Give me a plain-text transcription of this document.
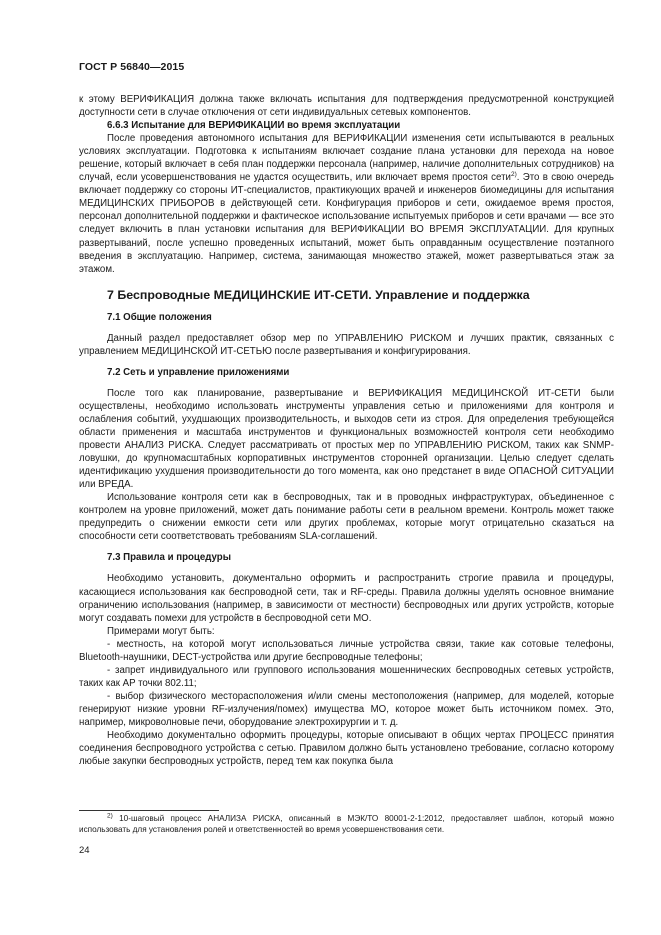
ГОСТ Р 56840—2015

к этому ВЕРИФИКАЦИЯ должна также включать испытания для подтверждения предусмотренной конструкцией доступности сети в случае отключения от сети индивидуальных сетевых компонентов.

6.6.3 Испытание для ВЕРИФИКАЦИИ во время эксплуатации

После проведения автономного испытания для ВЕРИФИКАЦИИ изменения сети испытываются в реальных условиях эксплуатации. Подготовка к испытаниям включает создание плана установки для перехода на новое решение, который включает в себя план поддержки персонала (например, наличие дополнительных сотрудников) на случай, если усовершенствования не удастся осуществить, или включает время простоя сети$^{2)}$. Это в свою очередь включает поддержку со стороны ИТ-специалистов, практикующих врачей и инженеров биомедицины для испытания МЕДИЦИНСКИХ ПРИБОРОВ в действующей сети. Конфигурация приборов и сети, ожидаемое время простоя, персонал дополнительной поддержки и фактическое использование испытуемых приборов и сети врачами — все это следует включить в план установки испытания для ВЕРИФИКАЦИИ ВО ВРЕМЯ ЭКСПЛУАТАЦИИ. Для крупных развертываний, после успешно проведенных испытаний, может быть оправданным осуществление поэтапного введения в эксплуатацию. Например, система, занимающая множество этажей, может развертываться этаж за этажом.

7 Беспроводные МЕДИЦИНСКИЕ ИТ-СЕТИ. Управление и поддержка

7.1 Общие положения

Данный раздел предоставляет обзор мер по УПРАВЛЕНИЮ РИСКОМ и лучших практик, связанных с управлением МЕДИЦИНСКОЙ ИТ-СЕТЬЮ после развертывания и конфигурирования.

7.2 Сеть и управление приложениями

После того как планирование, развертывание и ВЕРИФИКАЦИЯ МЕДИЦИНСКОЙ ИТ-СЕТИ были осуществлены, необходимо использовать инструменты управления сетью и приложениями для контроля и ослабления событий, ухудшающих производительность, и выходов сети из строя. Для определения требующейся области применения и масштаба инструментов и функциональных возможностей контроля сети необходимо провести АНАЛИЗ РИСКА. Следует рассматривать от простых мер по УПРАВЛЕНИЮ РИСКОМ, таких как SNMP-ловушки, до крупномасштабных корпоративных инструментов сторонней организации. Целью следует сделать идентификацию ухудшения производительности до того момента, как оно предстанет в виде ОПАСНОЙ СИТУАЦИИ или ВРЕДА.

Использование контроля сети как в беспроводных, так и в проводных инфраструктурах, объединенное с контролем на уровне приложений, может дать понимание работы сети в реальном времени. Контроль может также предупредить о снижении емкости сети или других проблемах, которые могут отрицательно сказаться на способности сети соответствовать требованиям SLA-соглашений.

7.3 Правила и процедуры

Необходимо установить, документально оформить и распространить строгие правила и процедуры, касающиеся использования как беспроводной сети, так и RF-среды. Правила должны уделять основное внимание ограничению использования (например, в зависимости от местности) беспроводных или других устройств, которые могут создавать помехи для устройств в беспроводной сети МО.

Примерами могут быть:

- местность, на которой могут использоваться личные устройства связи, такие как сотовые телефоны, Bluetooth-наушники, DECT-устройства или другие беспроводные телефоны;

- запрет индивидуального или группового использования мошеннических беспроводных сетевых устройств, таких как AP точки 802.11;

- выбор физического месторасположения и/или смены местоположения (например, для моделей, которые генерируют низкие уровни RF-излучения/помех) имущества МО, которое может быть источником помех. Это, например, микроволновые печи, оборудование электрохирургии и т. д.

Необходимо документально оформить процедуры, которые описывают в общих чертах ПРОЦЕСС принятия соединения беспроводного устройства с сетью. Правилом должно быть установлено требование, согласно которому любые закупки беспроводных устройств, перед тем как покупка была

$^{2)}$ 10-шаговый процесс АНАЛИЗА РИСКА, описанный в МЭК/ТО 80001-2-1:2012, предоставляет шаблон, который можно использовать для установления ролей и ответственностей во время усовершенствования сети.

24
